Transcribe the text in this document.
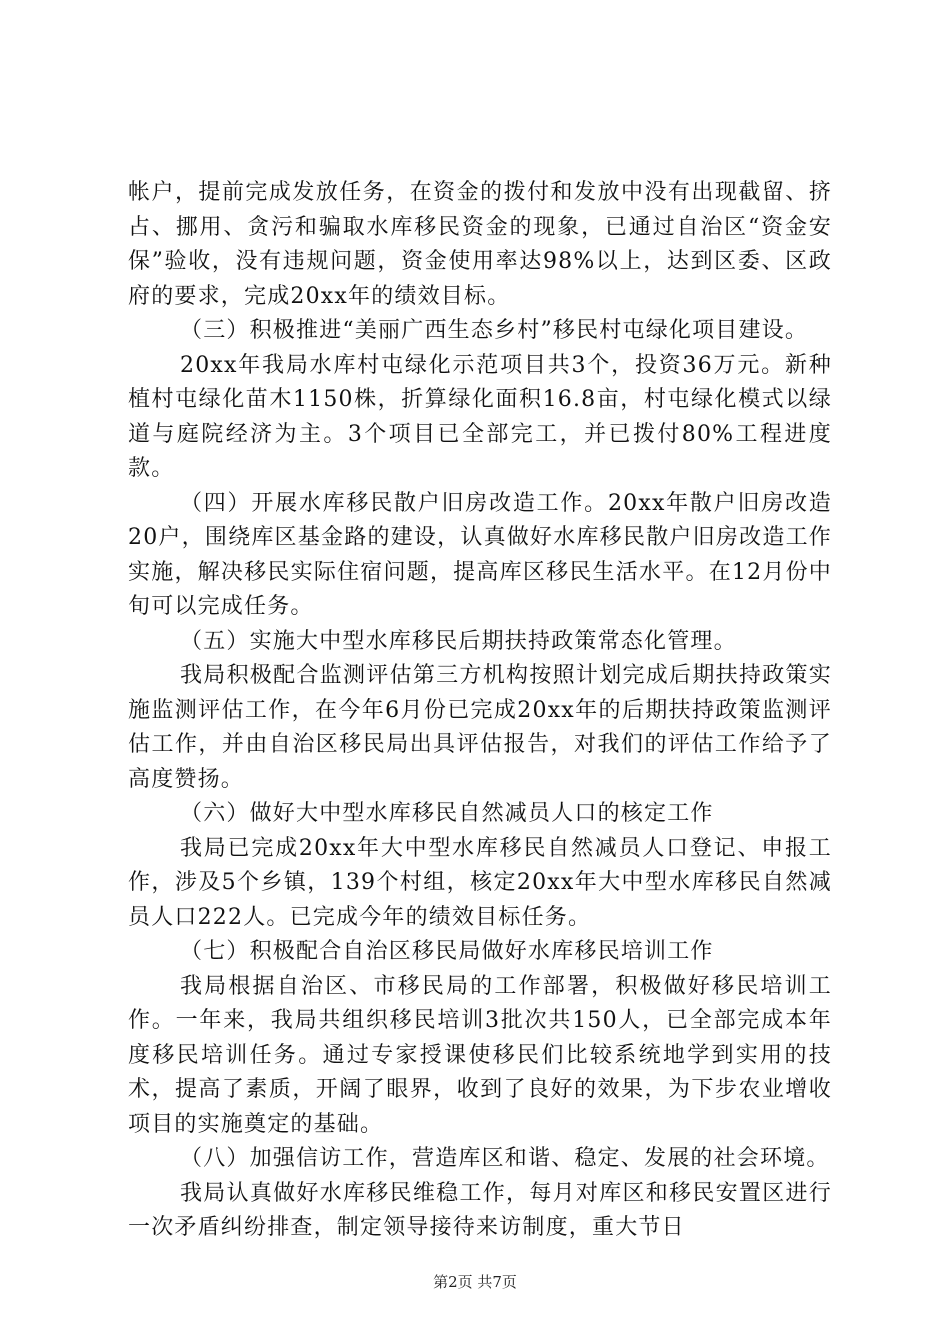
帐户，提前完成发放任务，在资金的拨付和发放中没有出现截留、挤占、挪用、贪污和骗取水库移民资金的现象，已通过自治区“资金安保”验收，没有违规问题，资金使用率达98%以上，达到区委、区政府的要求，完成20xx年的绩效目标。

（三）积极推进“美丽广西生态乡村”移民村屯绿化项目建设。

20xx年我局水库村屯绿化示范项目共3个，投资36万元。新种植村屯绿化苗木1150株，折算绿化面积16.8亩，村屯绿化模式以绿道与庭院经济为主。3个项目已全部完工，并已拨付80%工程进度款。

（四）开展水库移民散户旧房改造工作。20xx年散户旧房改造20户，围绕库区基金路的建设，认真做好水库移民散户旧房改造工作实施，解决移民实际住宿问题，提高库区移民生活水平。在12月份中旬可以完成任务。

（五）实施大中型水库移民后期扶持政策常态化管理。

我局积极配合监测评估第三方机构按照计划完成后期扶持政策实施监测评估工作，在今年6月份已完成20xx年的后期扶持政策监测评估工作，并由自治区移民局出具评估报告，对我们的评估工作给予了高度赞扬。

（六）做好大中型水库移民自然减员人口的核定工作

我局已完成20xx年大中型水库移民自然减员人口登记、申报工作，涉及5个乡镇，139个村组，核定20xx年大中型水库移民自然减员人口222人。已完成今年的绩效目标任务。

（七）积极配合自治区移民局做好水库移民培训工作

我局根据自治区、市移民局的工作部署，积极做好移民培训工作。一年来，我局共组织移民培训3批次共150人，已全部完成本年度移民培训任务。通过专家授课使移民们比较系统地学到实用的技术，提高了素质，开阔了眼界，收到了良好的效果，为下步农业增收项目的实施奠定的基础。

（八）加强信访工作，营造库区和谐、稳定、发展的社会环境。

我局认真做好水库移民维稳工作，每月对库区和移民安置区进行一次矛盾纠纷排查，制定领导接待来访制度，重大节日

第2页 共7页
